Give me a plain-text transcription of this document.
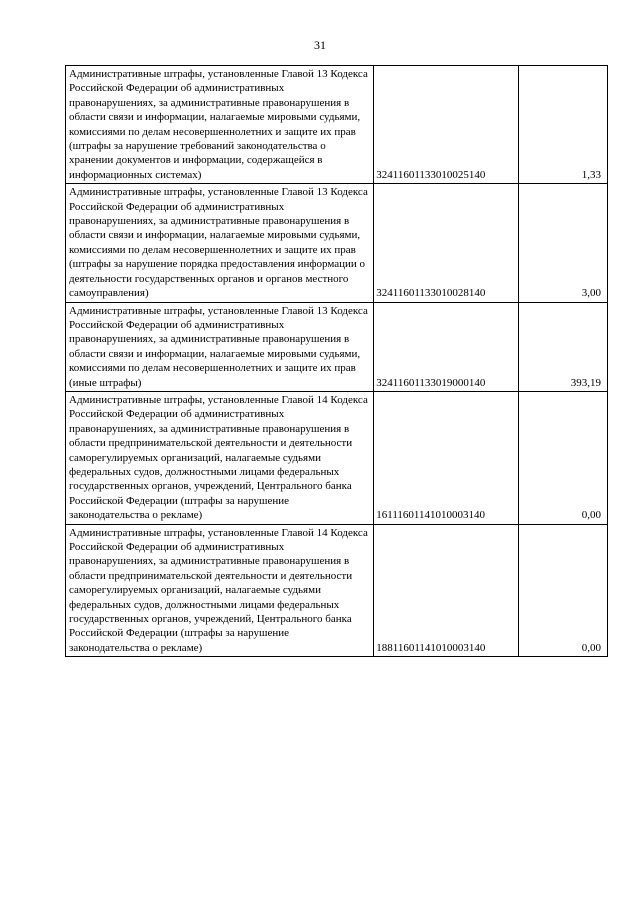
31
Административные штрафы, установленные Главой 13 Кодекса Российской Федерации об административных правонарушениях, за административные правонарушения в области связи и информации, налагаемые мировыми судьями, комиссиями по делам несовершеннолетних и защите их прав (штрафы за нарушение требований законодательства о хранении документов и информации, содержащейся в информационных системах)	32411601133010025140	1,33
Административные штрафы, установленные Главой 13 Кодекса Российской Федерации об административных правонарушениях, за административные правонарушения в области связи и информации, налагаемые мировыми судьями, комиссиями по делам несовершеннолетних и защите их прав (штрафы за нарушение порядка предоставления информации о деятельности государственных органов и органов местного самоуправления)	32411601133010028140	3,00
Административные штрафы, установленные Главой 13 Кодекса Российской Федерации об административных правонарушениях, за административные правонарушения в области связи и информации, налагаемые мировыми судьями, комиссиями по делам несовершеннолетних и защите их прав (иные штрафы)	32411601133019000140	393,19
Административные штрафы, установленные Главой 14 Кодекса Российской Федерации об административных правонарушениях, за административные правонарушения в области предпринимательской деятельности и деятельности саморегулируемых организаций, налагаемые судьями федеральных судов, должностными лицами федеральных государственных органов, учреждений, Центрального банка Российской Федерации (штрафы за нарушение законодательства о рекламе)	16111601141010003140	0,00
Административные штрафы, установленные Главой 14 Кодекса Российской Федерации об административных правонарушениях, за административные правонарушения в области предпринимательской деятельности и деятельности саморегулируемых организаций, налагаемые судьями федеральных судов, должностными лицами федеральных государственных органов, учреждений, Центрального банка Российской Федерации (штрафы за нарушение законодательства о рекламе)	18811601141010003140	0,00
